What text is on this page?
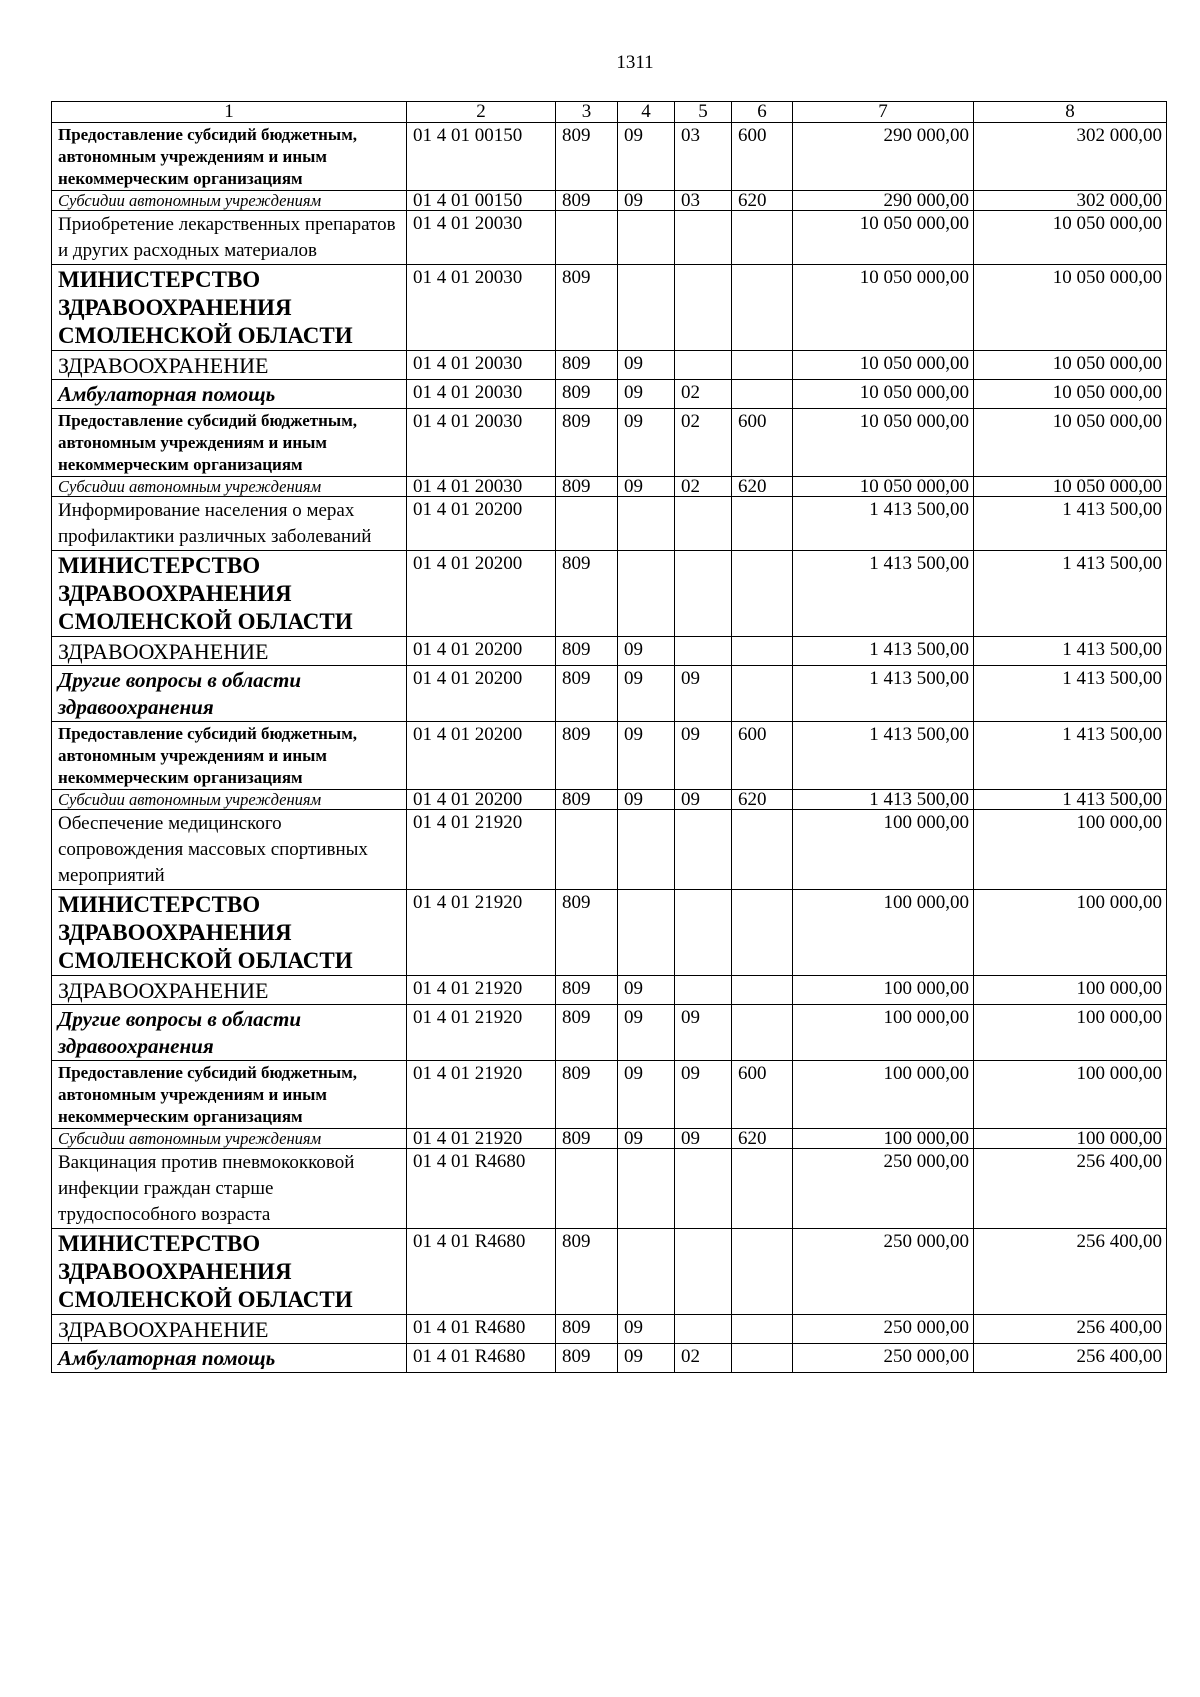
1311
1	2	3	4	5	6	7	8
Предоставление субсидий бюджетным, автономным учреждениям и иным некоммерческим организациям	01 4 01 00150	809	09	03	600	290 000,00	302 000,00
Субсидии автономным учреждениям	01 4 01 00150	809	09	03	620	290 000,00	302 000,00
Приобретение лекарственных препаратов и других расходных материалов	01 4 01 20030					10 050 000,00	10 050 000,00
МИНИСТЕРСТВО ЗДРАВООХРАНЕНИЯ СМОЛЕНСКОЙ ОБЛАСТИ	01 4 01 20030	809				10 050 000,00	10 050 000,00
ЗДРАВООХРАНЕНИЕ	01 4 01 20030	809	09			10 050 000,00	10 050 000,00
Амбулаторная помощь	01 4 01 20030	809	09	02		10 050 000,00	10 050 000,00
Предоставление субсидий бюджетным, автономным учреждениям и иным некоммерческим организациям	01 4 01 20030	809	09	02	600	10 050 000,00	10 050 000,00
Субсидии автономным учреждениям	01 4 01 20030	809	09	02	620	10 050 000,00	10 050 000,00
Информирование населения о мерах профилактики различных заболеваний	01 4 01 20200					1 413 500,00	1 413 500,00
МИНИСТЕРСТВО ЗДРАВООХРАНЕНИЯ СМОЛЕНСКОЙ ОБЛАСТИ	01 4 01 20200	809				1 413 500,00	1 413 500,00
ЗДРАВООХРАНЕНИЕ	01 4 01 20200	809	09			1 413 500,00	1 413 500,00
Другие вопросы в области здравоохранения	01 4 01 20200	809	09	09		1 413 500,00	1 413 500,00
Предоставление субсидий бюджетным, автономным учреждениям и иным некоммерческим организациям	01 4 01 20200	809	09	09	600	1 413 500,00	1 413 500,00
Субсидии автономным учреждениям	01 4 01 20200	809	09	09	620	1 413 500,00	1 413 500,00
Обеспечение медицинского сопровождения массовых спортивных мероприятий	01 4 01 21920					100 000,00	100 000,00
МИНИСТЕРСТВО ЗДРАВООХРАНЕНИЯ СМОЛЕНСКОЙ ОБЛАСТИ	01 4 01 21920	809				100 000,00	100 000,00
ЗДРАВООХРАНЕНИЕ	01 4 01 21920	809	09			100 000,00	100 000,00
Другие вопросы в области здравоохранения	01 4 01 21920	809	09	09		100 000,00	100 000,00
Предоставление субсидий бюджетным, автономным учреждениям и иным некоммерческим организациям	01 4 01 21920	809	09	09	600	100 000,00	100 000,00
Субсидии автономным учреждениям	01 4 01 21920	809	09	09	620	100 000,00	100 000,00
Вакцинация против пневмококковой инфекции граждан старше трудоспособного возраста	01 4 01 R4680					250 000,00	256 400,00
МИНИСТЕРСТВО ЗДРАВООХРАНЕНИЯ СМОЛЕНСКОЙ ОБЛАСТИ	01 4 01 R4680	809				250 000,00	256 400,00
ЗДРАВООХРАНЕНИЕ	01 4 01 R4680	809	09			250 000,00	256 400,00
Амбулаторная помощь	01 4 01 R4680	809	09	02		250 000,00	256 400,00
